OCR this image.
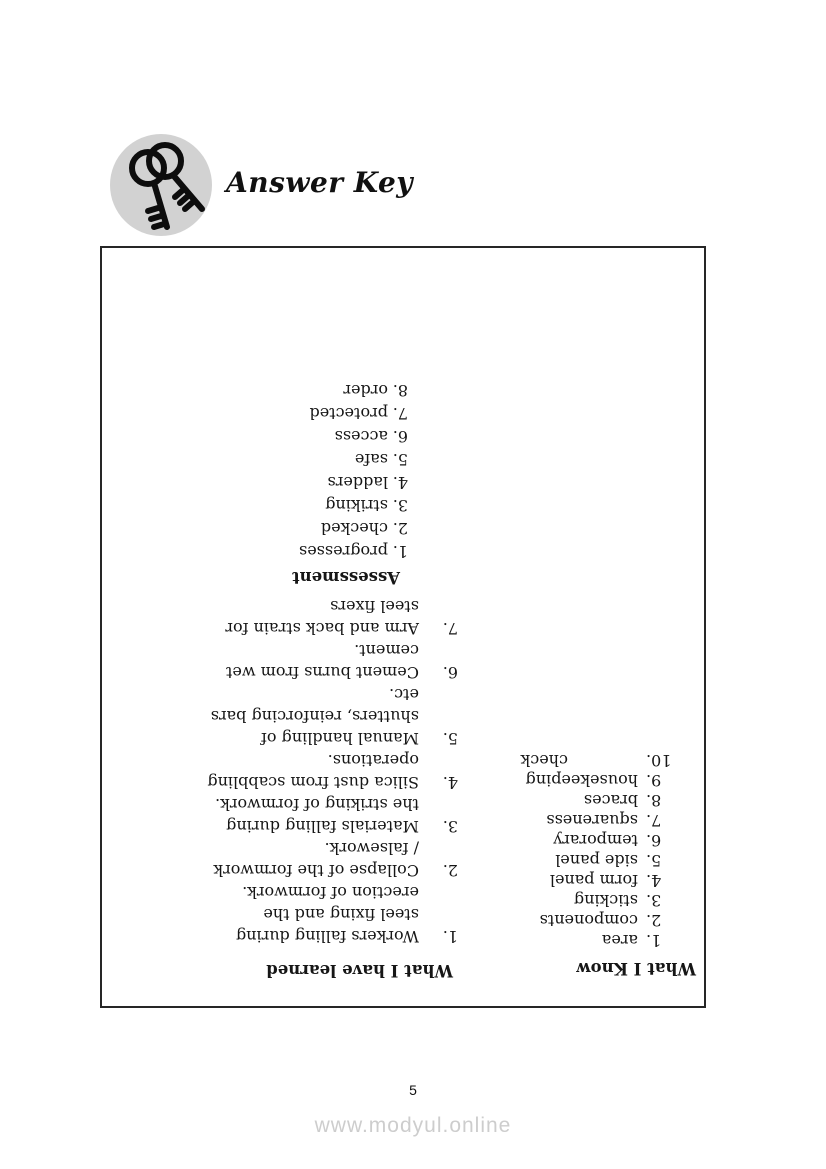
Answer Key
What I Know
1.
area
2.
components
3.
sticking
4.
form panel
5.
side panel
6.
temporary
7.
squareness
8.
braces
9.
housekeeping
10.
check
What I have learned
1.
Workers falling during
steel fixing and the
erection of formwork.
2.
Collapse of the formwork
/ falsework.
3.
Materials falling during
the striking of formwork.
4.
Silica dust from scabbling
operations.
5.
Manual handling of
shutters, reinforcing bars
etc.
6.
Cement burns from wet
cement.
7.
Arm and back strain for
steel fixers
Assessment
1.
progresses
2.
checked
3.
striking
4.
ladders
5.
safe
6.
access
7.
protected
8.
order
5
www.modyul.online
